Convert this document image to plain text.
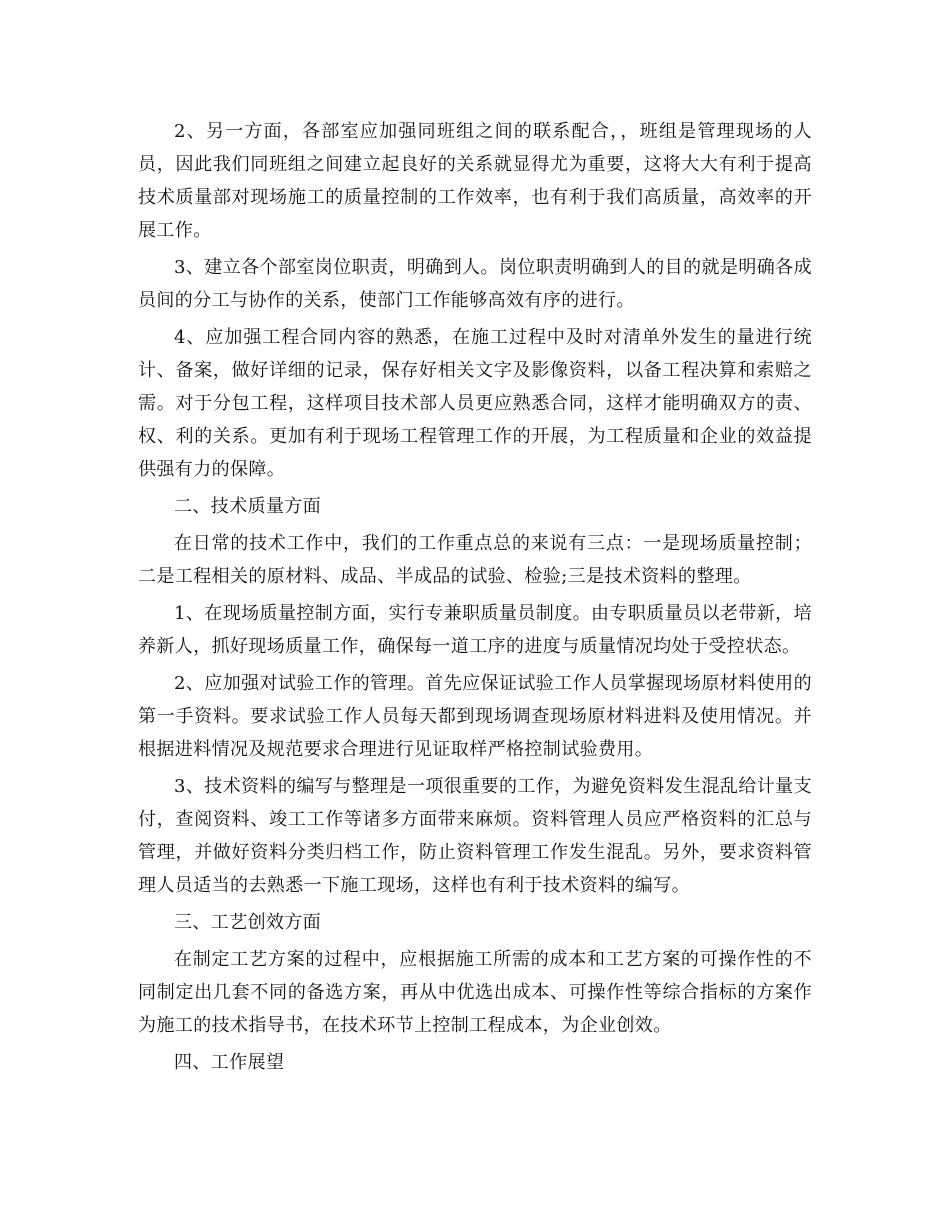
2、另一方面，各部室应加强同班组之间的联系配合，，班组是管理现场的人员，因此我们同班组之间建立起良好的关系就显得尤为重要，这将大大有利于提高技术质量部对现场施工的质量控制的工作效率，也有利于我们高质量，高效率的开展工作。

3、建立各个部室岗位职责，明确到人。岗位职责明确到人的目的就是明确各成员间的分工与协作的关系，使部门工作能够高效有序的进行。

4、应加强工程合同内容的熟悉，在施工过程中及时对清单外发生的量进行统计、备案，做好详细的记录，保存好相关文字及影像资料，以备工程决算和索赔之需。对于分包工程，这样项目技术部人员更应熟悉合同，这样才能明确双方的责、权、利的关系。更加有利于现场工程管理工作的开展，为工程质量和企业的效益提供强有力的保障。

二、技术质量方面

在日常的技术工作中，我们的工作重点总的来说有三点：一是现场质量控制；二是工程相关的原材料、成品、半成品的试验、检验;三是技术资料的整理。

1、在现场质量控制方面，实行专兼职质量员制度。由专职质量员以老带新，培养新人，抓好现场质量工作，确保每一道工序的进度与质量情况均处于受控状态。

2、应加强对试验工作的管理。首先应保证试验工作人员掌握现场原材料使用的第一手资料。要求试验工作人员每天都到现场调查现场原材料进料及使用情况。并根据进料情况及规范要求合理进行见证取样严格控制试验费用。

3、技术资料的编写与整理是一项很重要的工作，为避免资料发生混乱给计量支付，查阅资料、竣工工作等诸多方面带来麻烦。资料管理人员应严格资料的汇总与管理，并做好资料分类归档工作，防止资料管理工作发生混乱。另外，要求资料管理人员适当的去熟悉一下施工现场，这样也有利于技术资料的编写。

三、工艺创效方面

在制定工艺方案的过程中，应根据施工所需的成本和工艺方案的可操作性的不同制定出几套不同的备选方案，再从中优选出成本、可操作性等综合指标的方案作为施工的技术指导书，在技术环节上控制工程成本，为企业创效。

四、工作展望
